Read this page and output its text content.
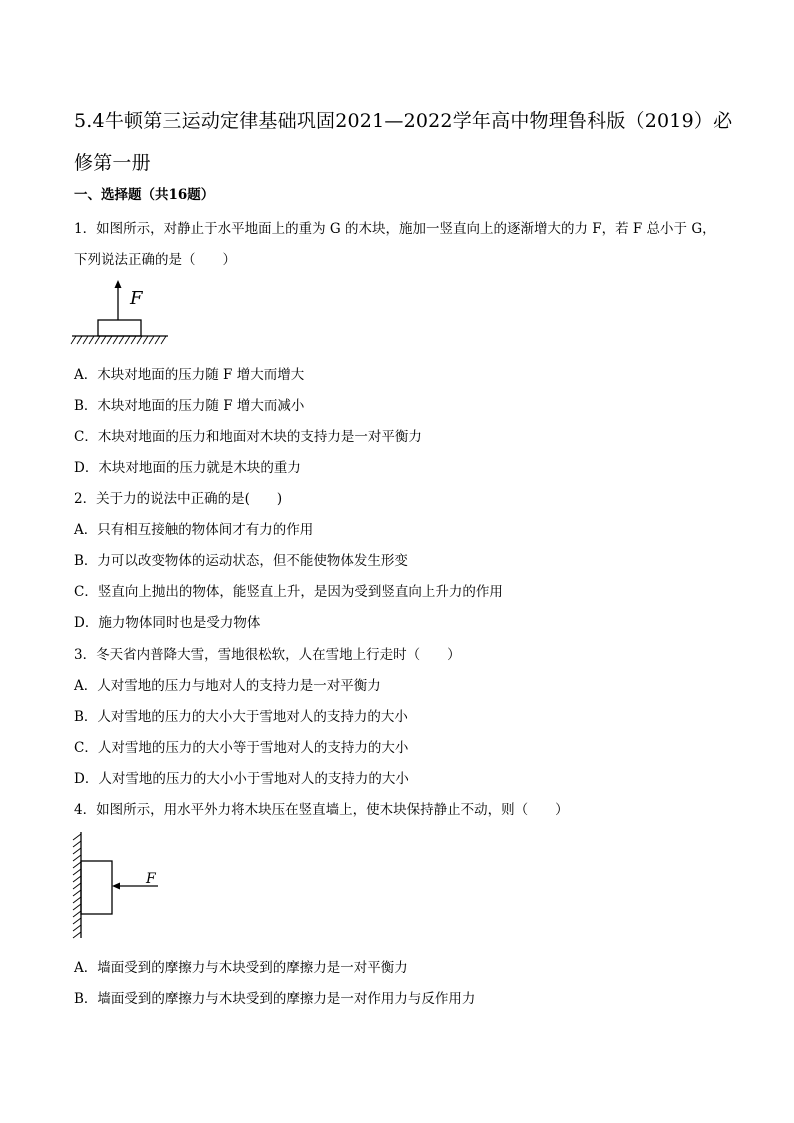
5.4牛顿第三运动定律基础巩固2021—2022学年高中物理鲁科版（2019）必修第一册
一、选择题（共16题）
1．如图所示，对静止于水平地面上的重为 G 的木块，施加一竖直向上的逐渐增大的力 F，若 F 总小于 G，
下列说法正确的是（　　）
F
A．木块对地面的压力随 F 增大而增大
B．木块对地面的压力随 F 增大而减小
C．木块对地面的压力和地面对木块的支持力是一对平衡力
D．木块对地面的压力就是木块的重力
2．关于力的说法中正确的是(　　)
A．只有相互接触的物体间才有力的作用
B．力可以改变物体的运动状态，但不能使物体发生形变
C．竖直向上抛出的物体，能竖直上升，是因为受到竖直向上升力的作用
D．施力物体同时也是受力物体
3．冬天省内普降大雪，雪地很松软，人在雪地上行走时（　　）
A．人对雪地的压力与地对人的支持力是一对平衡力
B．人对雪地的压力的大小大于雪地对人的支持力的大小
C．人对雪地的压力的大小等于雪地对人的支持力的大小
D．人对雪地的压力的大小小于雪地对人的支持力的大小
4．如图所示，用水平外力将木块压在竖直墙上，使木块保持静止不动，则（　　）
F
A．墙面受到的摩擦力与木块受到的摩擦力是一对平衡力
B．墙面受到的摩擦力与木块受到的摩擦力是一对作用力与反作用力
